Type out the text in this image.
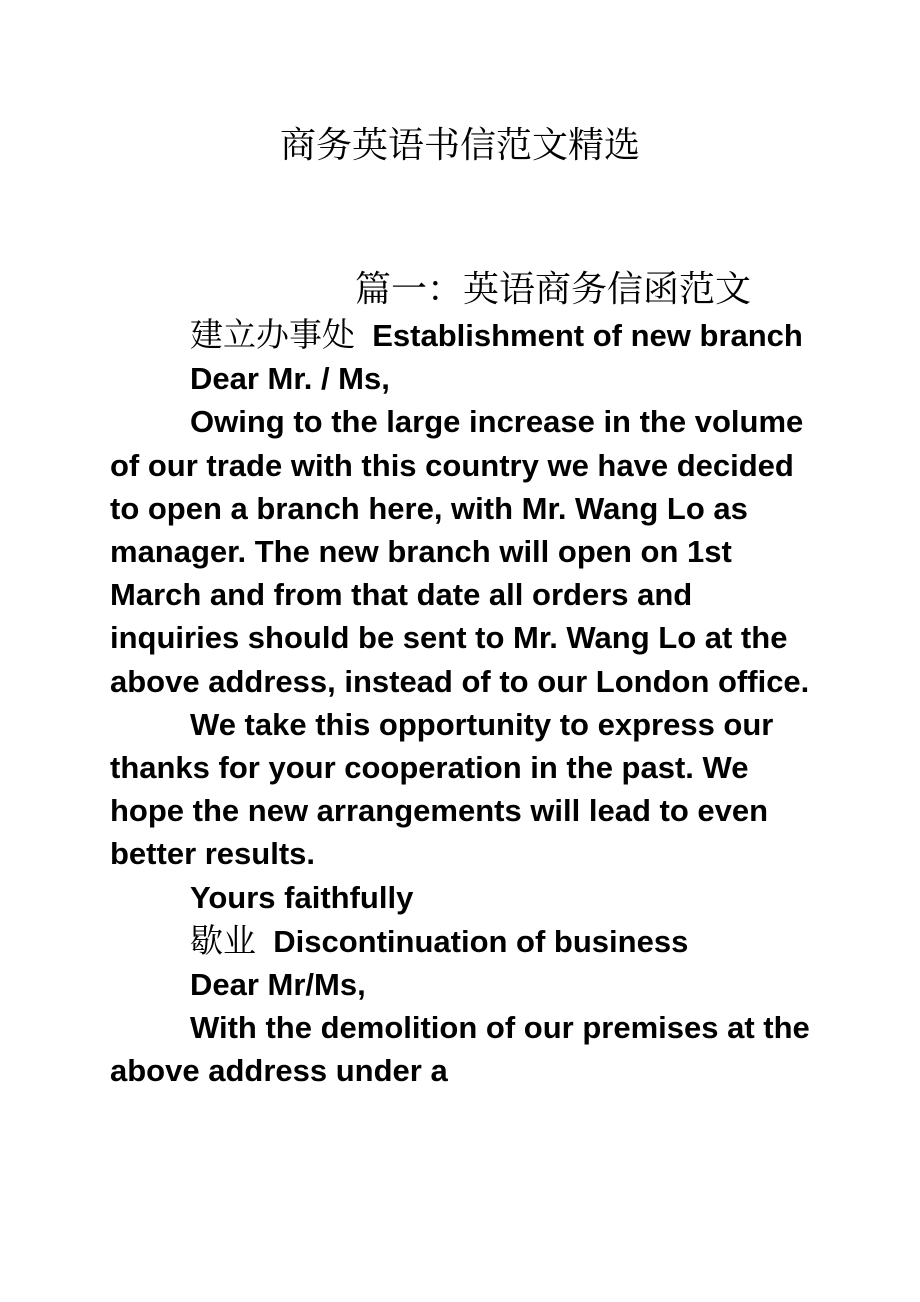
商务英语书信范文精选
篇一：英语商务信函范文

建立办事处 Establishment of new branch

Dear Mr. / Ms,

Owing to the large increase in the volume of our trade with this country we have decided to open a branch here, with Mr. Wang Lo as manager. The new branch will open on 1st March and from that date all orders and inquiries should be sent to Mr. Wang Lo at the above address, instead of to our London office.

We take this opportunity to express our thanks for your cooperation in the past. We hope the new arrangements will lead to even better results.

Yours faithfully

歇业 Discontinuation of business

Dear Mr/Ms,

With the demolition of our premises at the above address under a
